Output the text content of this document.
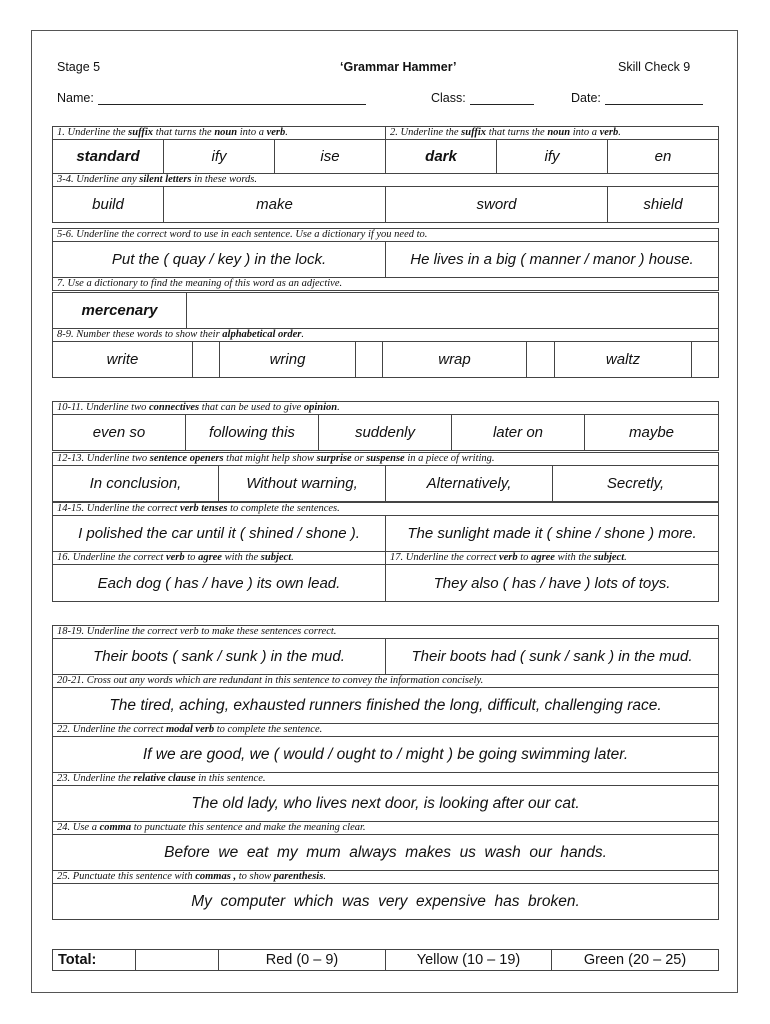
Stage 5	‘Grammar Hammer’	Skill Check 9
Name:	Class:	Date:
1. Underline the suffix that turns the noun into a verb.			2. Underline the suffix that turns the noun into a verb.		
standard	ify	ise	dark	ify	en
3-4. Underline any silent letters in these words.					
build	make		sword		shield
5-6. Underline the correct word to use in each sentence. Use a dictionary if you need to.
Put the ( quay / key ) in the lock.	He lives in a big ( manner / manor ) house.
7. Use a dictionary to find the meaning of this word as an adjective.
mercenary	
8-9. Number these words to show their alphabetical order.
write		wring		wrap		waltz	
10-11. Underline two connectives that can be used to give opinion.
even so	following this	suddenly	later on	maybe
12-13. Underline two sentence openers that might help show surprise or suspense in a piece of writing.
In conclusion,	Without warning,	Alternatively,	Secretly,
14-15. Underline the correct verb tenses to complete the sentences.	
I polished the car until it ( shined / shone ).	The sunlight made it ( shine / shone ) more.
16. Underline the correct verb to agree with the subject.	17. Underline the correct verb to agree with the subject.
Each dog ( has / have ) its own lead.	They also ( has / have ) lots of toys.
18-19. Underline the correct verb to make these sentences correct.
Their boots ( sank / sunk ) in the mud.	Their boots had ( sunk / sank ) in the mud.
20-21. Cross out any words which are redundant in this sentence to convey the information concisely.
The tired, aching, exhausted runners finished the long, difficult, challenging race.
22. Underline the correct modal verb to complete the sentence.
If we are good, we ( would / ought to / might ) be going swimming later.
23. Underline the relative clause in this sentence.
The old lady, who lives next door, is looking after our cat.
24. Use a comma to punctuate this sentence and make the meaning clear.
Before  we  eat  my  mum  always  makes  us  wash  our  hands.
25. Punctuate this sentence with commas , to show parenthesis.
My  computer  which  was  very  expensive  has  broken.
Total:		Red (0 – 9)	Yellow (10 – 19)	Green (20 – 25)
